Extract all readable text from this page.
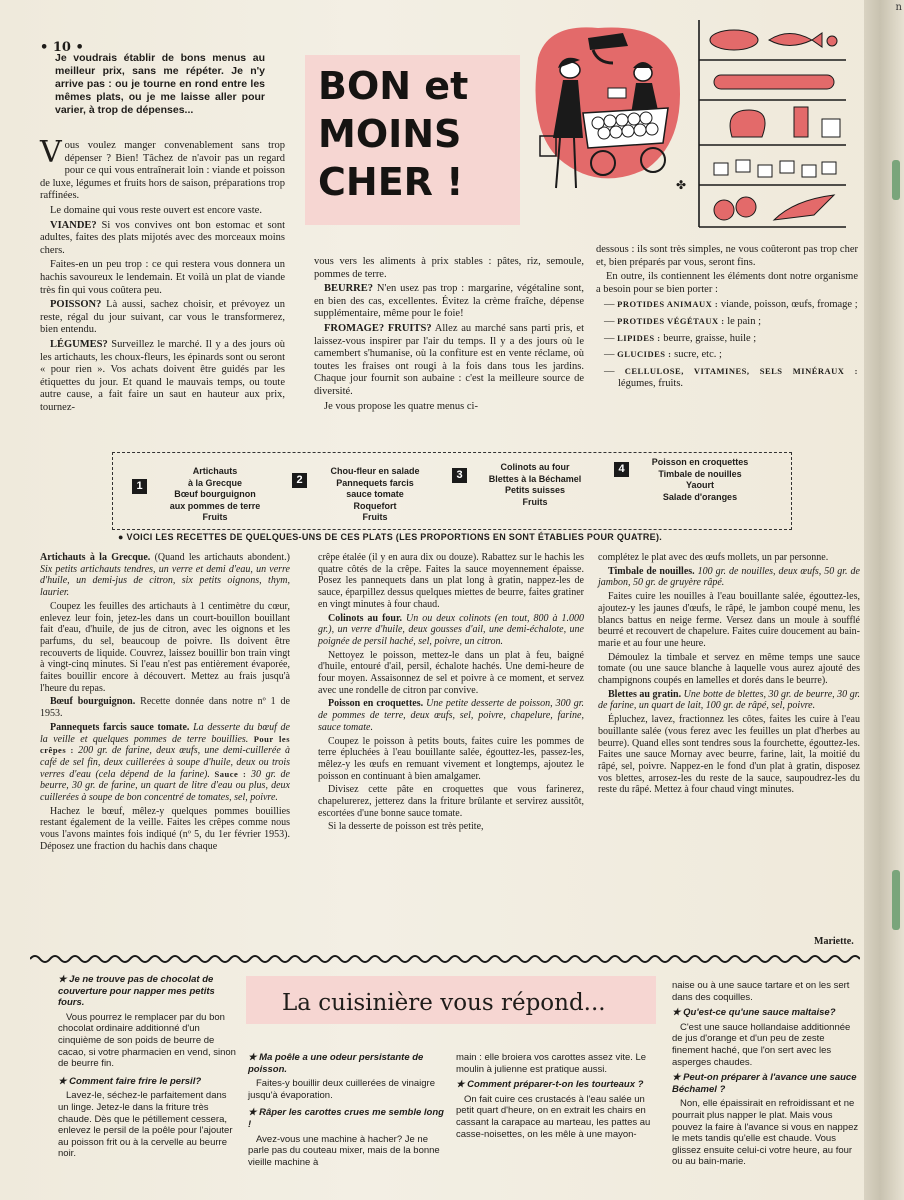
n
• 10 •
Je voudrais établir de bons menus au meilleur prix, sans me répéter. Je n'y arrive pas : ou je tourne en rond entre les mêmes plats, ou je me laisse aller pour varier, à trop de dépenses...
BON et
MOINS
CHER !	✤

Vous voulez manger convenablement sans trop dépenser ? Bien! Tâchez de n'avoir pas un regard pour ce qui vous entraînerait loin : viande et poisson de luxe, légumes et fruits hors de saison, préparations trop raffinées.

Le domaine qui vous reste ouvert est encore vaste.

VIANDE? Si vos convives ont bon estomac et sont adultes, faites des plats mijotés avec des morceaux moins chers.

Faites-en un peu trop : ce qui restera vous donnera un hachis savoureux le lendemain. Et voilà un plat de viande très fin qui vous coûtera peu.

POISSON? Là aussi, sachez choisir, et prévoyez un reste, régal du jour suivant, car vous le transformerez, bien entendu.

LÉGUMES? Surveillez le marché. Il y a des jours où les artichauts, les choux-fleurs, les épinards sont ou seront « pour rien ». Vos achats doivent être guidés par les étiquettes du jour. Et quand le mauvais temps, ou toute autre cause, a fait faire un saut en hauteur aux prix, tournez-

vous vers les aliments à prix stables : pâtes, riz, semoule, pommes de terre.

BEURRE? N'en usez pas trop : margarine, végétaline sont, en bien des cas, excellentes. Évitez la crème fraîche, dépense supplémentaire, même pour le foie!

FROMAGE? FRUITS? Allez au marché sans parti pris, et laissez-vous inspirer par l'air du temps. Il y a des jours où le camembert s'humanise, où la confiture est en vente réclame, où toutes les fraises ont rougi à la fois dans tous les jardins. Chaque jour fournit son aubaine : c'est la meilleure source de diversité.

Je vous propose les quatre menus ci-

dessous : ils sont très simples, ne vous coûteront pas trop cher et, bien préparés par vous, seront fins.

En outre, ils contiennent les éléments dont notre organisme a besoin pour se bien porter :

— PROTIDES ANIMAUX : viande, poisson, œufs, fromage ;
— PROTIDES VÉGÉTAUX : le pain ;
— LIPIDES : beurre, graisse, huile ;
— GLUCIDES : sucre, etc. ;
— CELLULOSE, VITAMINES, SELS MINÉRAUX : légumes, fruits.
1
Artichauts
à la Grecque
Bœuf bourguignon
aux pommes de terre
Fruits
2
Chou-fleur en salade
Pannequets farcis
sauce tomate
Roquefort
Fruits
3
Colinots au four
Blettes à la Béchamel
Petits suisses
Fruits
4
Poisson en croquettes
Timbale de nouilles
Yaourt
Salade d'oranges
● VOICI LES RECETTES DE QUELQUES-UNS DE CES PLATS (LES PROPORTIONS EN SONT ÉTABLIES POUR QUATRE).

Artichauts à la Grecque. (Quand les artichauts abondent.) Six petits artichauts tendres, un verre et demi d'eau, un verre d'huile, un demi-jus de citron, six petits oignons, thym, laurier.

Coupez les feuilles des artichauts à 1 centimètre du cœur, enlevez leur foin, jetez-les dans un court-bouillon bouillant fait d'eau, d'huile, de jus de citron, avec les oignons et les parfums, du sel, beaucoup de poivre. Ils doivent être recouverts de liquide. Couvrez, laissez bouillir bon train vingt à vingt-cinq minutes. Si l'eau n'est pas entièrement évaporée, faites bouillir encore à découvert. Mettez au frais jusqu'à l'heure du repas.

Bœuf bourguignon. Recette donnée dans notre nº 1 de 1953.

Pannequets farcis sauce tomate. La desserte du bœuf de la veille et quelques pommes de terre bouillies. Pour les crêpes : 200 gr. de farine, deux œufs, une demi-cuillerée à café de sel fin, deux cuillerées à soupe d'huile, deux ou trois verres d'eau (cela dépend de la farine). Sauce : 30 gr. de beurre, 30 gr. de farine, un quart de litre d'eau ou plus, deux cuillerées à soupe de bon concentré de tomates, sel, poivre.

Hachez le bœuf, mêlez-y quelques pommes bouillies restant également de la veille. Faites les crêpes comme nous vous l'avons maintes fois indiqué (nº 5, du 1er février 1953). Déposez une fraction du hachis dans chaque

crêpe étalée (il y en aura dix ou douze). Rabattez sur le hachis les quatre côtés de la crêpe. Faites la sauce moyennement épaisse. Posez les pannequets dans un plat long à gratin, nappez-les de sauce, éparpillez dessus quelques miettes de beurre, faites gratiner en vingt minutes à four chaud.

Colinots au four. Un ou deux colinots (en tout, 800 à 1.000 gr.), un verre d'huile, deux gousses d'ail, une demi-échalote, une poignée de persil haché, sel, poivre, un citron.

Nettoyez le poisson, mettez-le dans un plat à feu, baigné d'huile, entouré d'ail, persil, échalote hachés. Une demi-heure de four moyen. Assaisonnez de sel et poivre à ce moment, et servez avec une rondelle de citron par convive.

Poisson en croquettes. Une petite desserte de poisson, 300 gr. de pommes de terre, deux œufs, sel, poivre, chapelure, farine, sauce tomate.

Coupez le poisson à petits bouts, faites cuire les pommes de terre épluchées à l'eau bouillante salée, égouttez-les, passez-les, mêlez-y les œufs en remuant vivement et longtemps, ajoutez le poisson en continuant à bien amalgamer.

Divisez cette pâte en croquettes que vous farinerez, chapelurerez, jetterez dans la friture brûlante et servirez aussitôt, escortées d'une bonne sauce tomate.

Si la desserte de poisson est très petite,

complétez le plat avec des œufs mollets, un par personne.

Timbale de nouilles. 100 gr. de nouilles, deux œufs, 50 gr. de jambon, 50 gr. de gruyère râpé.

Faites cuire les nouilles à l'eau bouillante salée, égouttez-les, ajoutez-y les jaunes d'œufs, le râpé, le jambon coupé menu, les blancs battus en neige ferme. Versez dans un moule à soufflé beurré et recouvert de chapelure. Faites cuire doucement au bain-marie et au four une heure.

Démoulez la timbale et servez en même temps une sauce tomate (ou une sauce blanche à laquelle vous aurez ajouté des champignons coupés en lamelles et dorés dans le beurre).

Blettes au gratin. Une botte de blettes, 30 gr. de beurre, 30 gr. de farine, un quart de lait, 100 gr. de râpé, sel, poivre.

Épluchez, lavez, fractionnez les côtes, faites les cuire à l'eau bouillante salée (vous ferez avec les feuilles un plat d'herbes au beurre). Quand elles sont tendres sous la fourchette, égouttez-les. Faites une sauce Mornay avec beurre, farine, lait, la moitié du râpé, sel, poivre. Nappez-en le fond d'un plat à gratin, disposez vos blettes, arrosez-les du reste de la sauce, saupoudrez-les du reste du râpé. Mettez à four chaud vingt minutes.

Mariette.
La cuisinière vous répond...
★ Je ne trouve pas de chocolat de couverture pour napper mes petits fours.

Vous pourrez le remplacer par du bon chocolat ordinaire additionné d'un cinquième de son poids de beurre de cacao, si votre pharmacien en vend, sinon de beurre fin.

★ Comment faire frire le persil?

Lavez-le, séchez-le parfaitement dans un linge. Jetez-le dans la friture très chaude. Dès que le pétillement cessera, enlevez le persil de la poêle pour l'ajouter au poisson frit ou à la cervelle au beurre noir.

★ Ma poêle a une odeur persistante de poisson.

Faites-y bouillir deux cuillerées de vinaigre jusqu'à évaporation.

★ Râper les carottes crues me semble long !

Avez-vous une machine à hacher? Je ne parle pas du couteau mixer, mais de la bonne vieille machine à

main : elle broiera vos carottes assez vite. Le moulin à julienne est pratique aussi.

★ Comment préparer-t-on les tourteaux ?

On fait cuire ces crustacés à l'eau salée un petit quart d'heure, on en extrait les chairs en cassant la carapace au marteau, les pattes au casse-noisettes, on les mêle à une mayon-

naise ou à une sauce tartare et on les sert dans des coquilles.

★ Qu'est-ce qu'une sauce maltaise?

C'est une sauce hollandaise additionnée de jus d'orange et d'un peu de zeste finement haché, que l'on sert avec les asperges chaudes.

★ Peut-on préparer à l'avance une sauce Béchamel ?

Non, elle épaissirait en refroidissant et ne pourrait plus napper le plat. Mais vous pouvez la faire à l'avance si vous en nappez le mets tandis qu'elle est chaude. Vous glissez ensuite celui-ci votre heure, au four ou au bain-marie.
